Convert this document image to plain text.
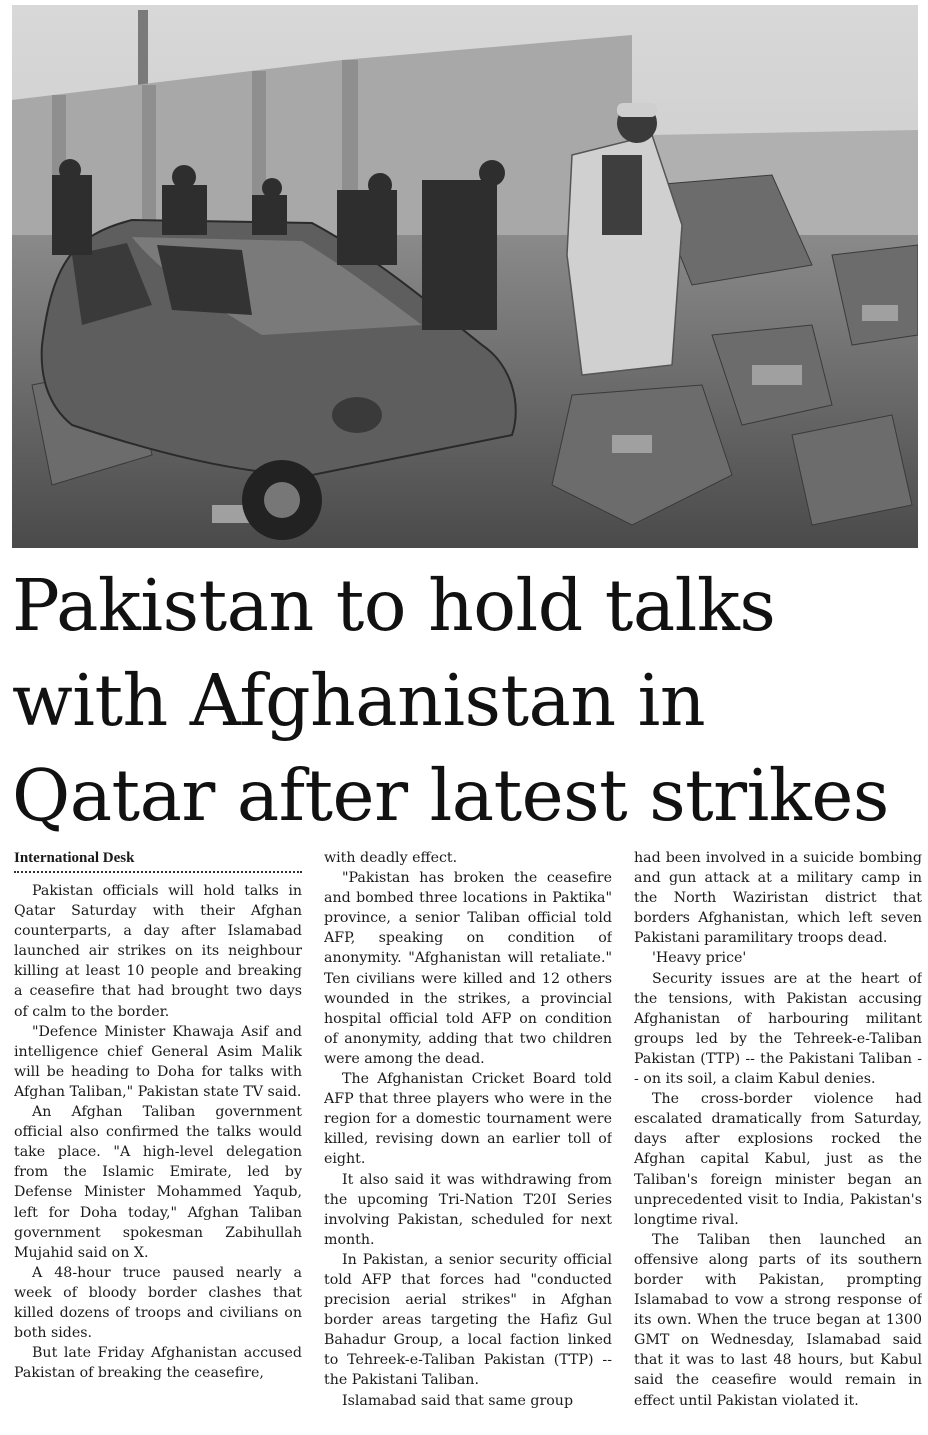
Pakistan to hold talks with Afghanistan in Qatar after latest strikes
International Desk

Pakistan officials will hold talks in Qatar Saturday with their Afghan counterparts, a day after Islamabad launched air strikes on its neighbour killing at least 10 people and breaking a ceasefire that had brought two days of calm to the border.

"Defence Minister Khawaja Asif and intelligence chief General Asim Malik will be heading to Doha for talks with Afghan Taliban," Pakistan state TV said.

An Afghan Taliban government official also confirmed the talks would take place. "A high-level delegation from the Islamic Emirate, led by Defense Minister Mohammed Yaqub, left for Doha today," Afghan Taliban government spokesman Zabihullah Mujahid said on X.

A 48-hour truce paused nearly a week of bloody border clashes that killed dozens of troops and civilians on both sides.

But late Friday Afghanistan accused Pakistan of breaking the ceasefire,

with deadly effect.

"Pakistan has broken the ceasefire and bombed three locations in Paktika" province, a senior Taliban official told AFP, speaking on condition of anonymity. "Afghanistan will retaliate." Ten civilians were killed and 12 others wounded in the strikes, a provincial hospital official told AFP on condition of anonymity, adding that two children were among the dead.

The Afghanistan Cricket Board told AFP that three players who were in the region for a domestic tournament were killed, revising down an earlier toll of eight.

It also said it was withdrawing from the upcoming Tri-Nation T20I Series involving Pakistan, scheduled for next month.

In Pakistan, a senior security official told AFP that forces had "conducted precision aerial strikes" in Afghan border areas targeting the Hafiz Gul Bahadur Group, a local faction linked to Tehreek-e-Taliban Pakistan (TTP) -- the Pakistani Taliban.

Islamabad said that same group

had been involved in a suicide bombing and gun attack at a military camp in the North Waziristan district that borders Afghanistan, which left seven Pakistani paramilitary troops dead.

'Heavy price'

Security issues are at the heart of the tensions, with Pakistan accusing Afghanistan of harbouring militant groups led by the Tehreek-e-Taliban Pakistan (TTP) -- the Pakistani Taliban -- on its soil, a claim Kabul denies.

The cross-border violence had escalated dramatically from Saturday, days after explosions rocked the Afghan capital Kabul, just as the Taliban's foreign minister began an unprecedented visit to India, Pakistan's longtime rival.

The Taliban then launched an offensive along parts of its southern border with Pakistan, prompting Islamabad to vow a strong response of its own. When the truce began at 1300 GMT on Wednesday, Islamabad said that it was to last 48 hours, but Kabul said the ceasefire would remain in effect until Pakistan violated it.
